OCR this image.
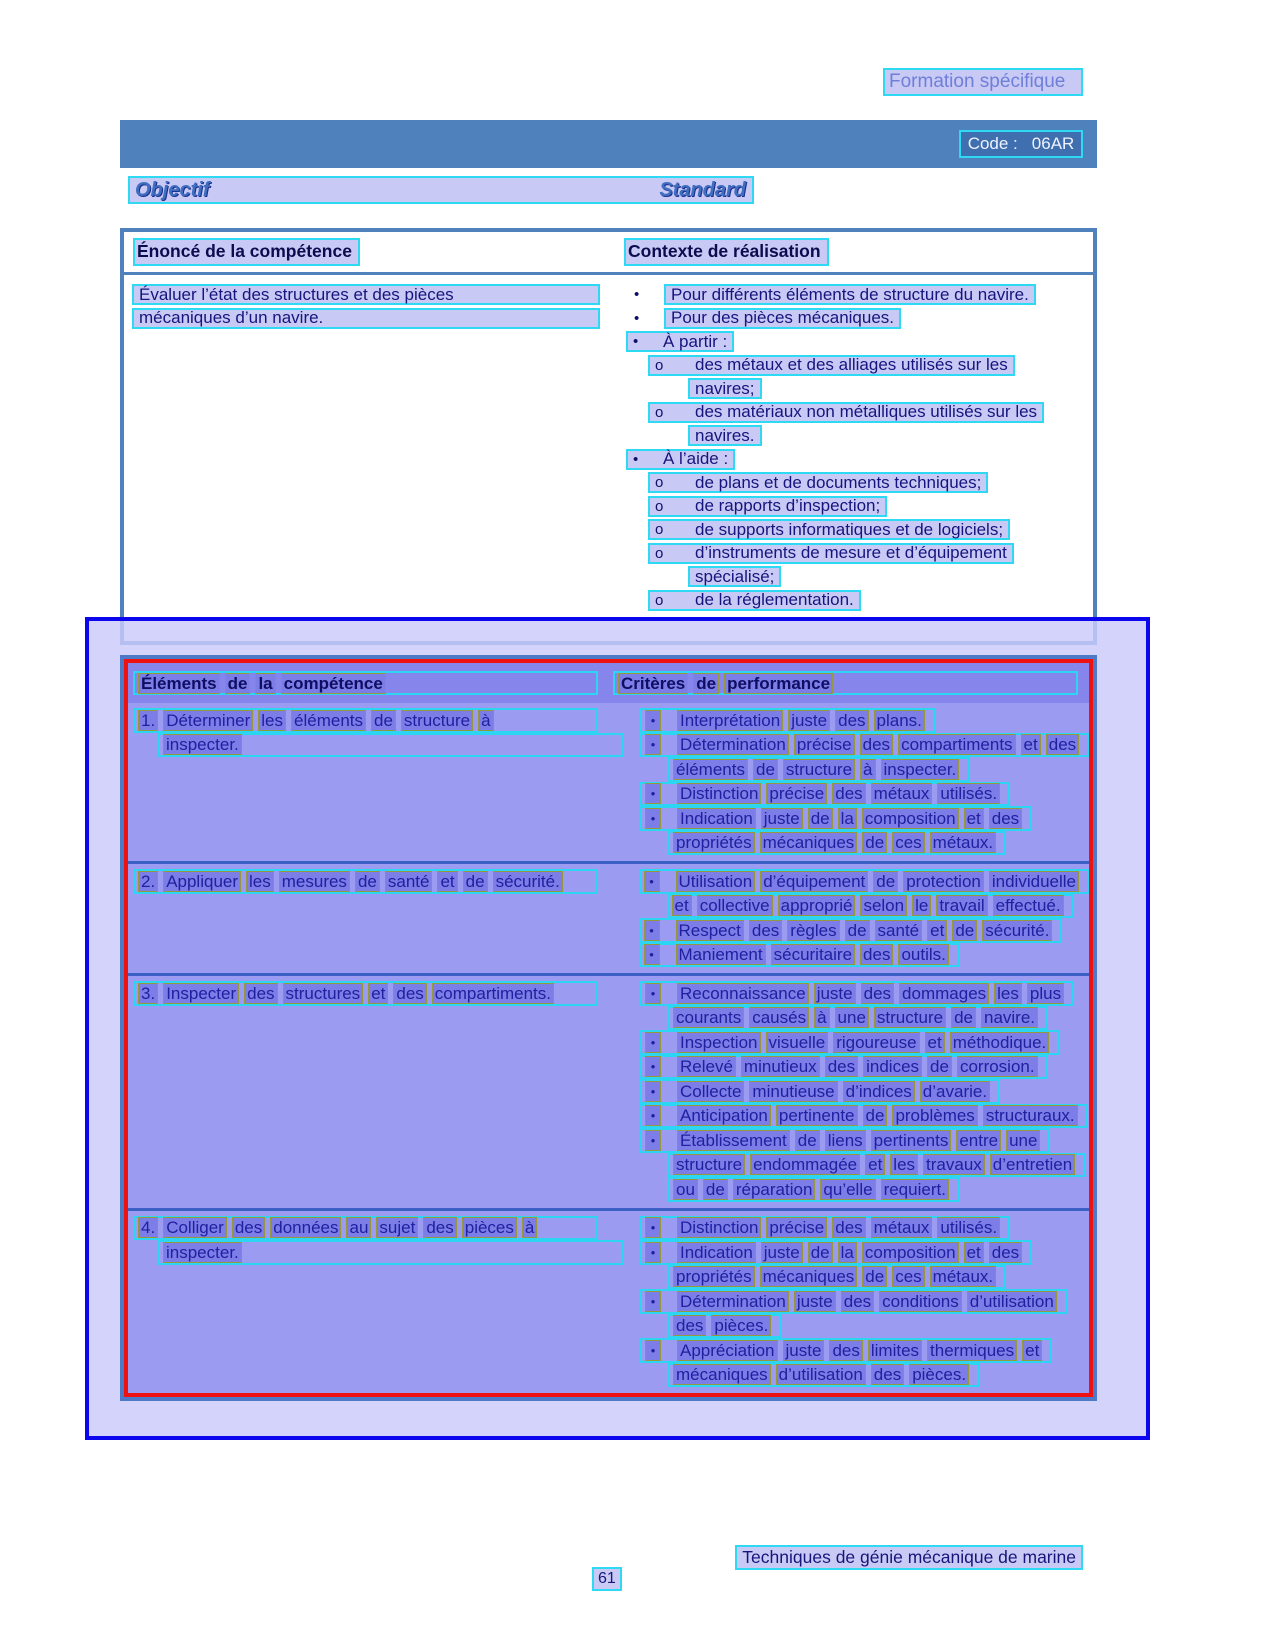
Formation spécifique
Code : 06AR
Objectif	Standard
Énoncé de la compétence	Contexte de réalisation
Évaluer l’état des structures et des pièces
mécaniques d’un navire.
•	Pour différents éléments de structure du navire.
•	Pour des pièces mécaniques.
•	À partir :
o	des métaux et des alliages utilisés sur les
navires;
o	des matériaux non métalliques utilisés sur les
navires.
•	À l’aide :
o	de plans et de documents techniques;
o	de rapports d’inspection;
o	de supports informatiques et de logiciels;
o	d’instruments de mesure et d’équipement
spécialisé;
o	de la réglementation.
Éléments de la compétence	Critères de performance
1. Déterminer les éléments de structure à
inspecter.
•	Interprétation juste des plans.
•	Détermination précise des compartiments et des
éléments de structure à inspecter.
•	Distinction précise des métaux utilisés.
•	Indication juste de la composition et des
propriétés mécaniques de ces métaux.
2. Appliquer les mesures de santé et de sécurité.	•	Utilisation d’équipement de protection individuelle
et collective approprié selon le travail effectué.
•	Respect des règles de santé et de sécurité.
•	Maniement sécuritaire des outils.
3. Inspecter des structures et des compartiments.	•	Reconnaissance juste des dommages les plus
courants causés à une structure de navire.
•	Inspection visuelle rigoureuse et méthodique.
•	Relevé minutieux des indices de corrosion.
•	Collecte minutieuse d’indices d’avarie.
•	Anticipation pertinente de problèmes structuraux.
•	Établissement de liens pertinents entre une
structure endommagée et les travaux d’entretien
ou de réparation qu’elle requiert.
4. Colliger des données au sujet des pièces à
inspecter.
•	Distinction précise des métaux utilisés.
•	Indication juste de la composition et des
propriétés mécaniques de ces métaux.
•	Détermination juste des conditions d’utilisation
des pièces.
•	Appréciation juste des limites thermiques et
mécaniques d’utilisation des pièces.
Techniques de génie mécanique de marine
61
